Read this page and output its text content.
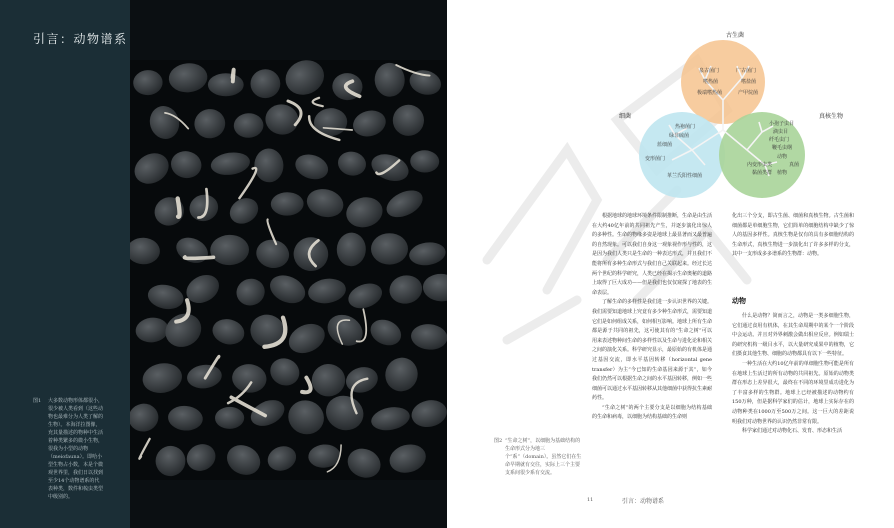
引言：动物谱系
图1 大多数动物形体都很小，很少被人类看到（这些动物也最难分为人类了解的生物）。本海洋拉图像，充其量描述的物种中生活着种类繁多的微小生物，很我为小型的动物（meiofauna）。即哈小型生物占小数，本是个微观世界里，我们日以找到至少14个动物谱系的代表种类，数件和梳虫类型中级别的。
古生菌
细菌	真核生物
泉古菌门	广古菌门
嗜热菌	嗜盐菌
极端嗜热菌	产甲烷菌
热袍菌门
绿非硫菌
蓝细菌
变形菌门
革兰氏阳性细菌
小孢子虫目
滴虫目
纤毛虫门
鞭毛虫纲
动物
真菌
植物
内变形虫类
黏菌类群

根据地球的地球环境条件限制推断，生命是由生活在大约40亿年前的共同祖先产生，并逐步演化出惊人的多种性。生命的物缘多姿是地球上最显著而又最普遍的自然现象。可以我们自身这一观象视作形与性的，这是因为我们人类只是生命的一种表达形式，并且我们不能将所有多种生命形式与我们自己关联起来。经过长达两个世纪的科学研究，人类已经在揭示生命奥秘的道路上取得了巨大成功——但是我们也仅仅窥探了地表的生命表层。

了解生命的多样性是我们进一步认识世界的关键。我们需要知道地球上究竟有多少种生命形式，需要知道它们是如何组成关系，如何相互影响。地球上所有生命都是源于共同的祖先，这可使其有的“生命之树”可以用来表述物种间生命的多样性以及生命与进化论和相关之间的演化关系。科学研究显示，最原始的有机体是通过基因交流，即水平基因转移（horizontal gene transfer）为主“今已知的生命基因来源于其”，如今我们仍然可以根据生命之间的水平基因转移，例如一些细菌可以通过水平基因转移从其他细菌中获得抗生素耐药性。

“生命之树”的两个主要分支是以细胞为结构基础的生命和病毒，以细胞为结构基础的生命则

化出三个分支，即古生菌、细菌和真核生物。古生菌和细菌都是单细胞生物，它们简单的细胞结构中缺少了惊人的基因多样性。真核生物是仅有的具有多细胞结构的生命形式，真核生物进一步演化出了许多多样的分支，其中一支形成多多谱系的生物群：动物。

动物

什么是动物？简而言之，动物是一类多细胞生物，它们通过食用有机体，在其生命周期中的某个一个阶段中会运动。并且对外界刺激会做出相应反应。例如瑞士的研究机构一级目水平，以大量研究成果中的植物，它们摄食其他生物、细胞的动物都具有以下一些特征。

一种生活在大约10亿年前的单细胞生物可能是所有在地球上生活过的所有动物的共同祖先。原始的动物类群在形态上差异很大，最终在不同的环境里成功进化为了丰富多样的生物群。地球上已经被描述的动物约有150万种，但是据科学家们的估计，地球上实际存在的动物种类在1000万至500万之间。这一巨大的差距说明我们对动物世界的认识仍然非常有限。

科学家们通过对动物化石、发育、形态和生活

图2 “生命之树”，以细胞为基础结构的生命形式分为地三个“系”（domain）。虽然它们在生命早期就有交往，实际上三个主要支系间很少系有交流。
11	引言：动物谱系
